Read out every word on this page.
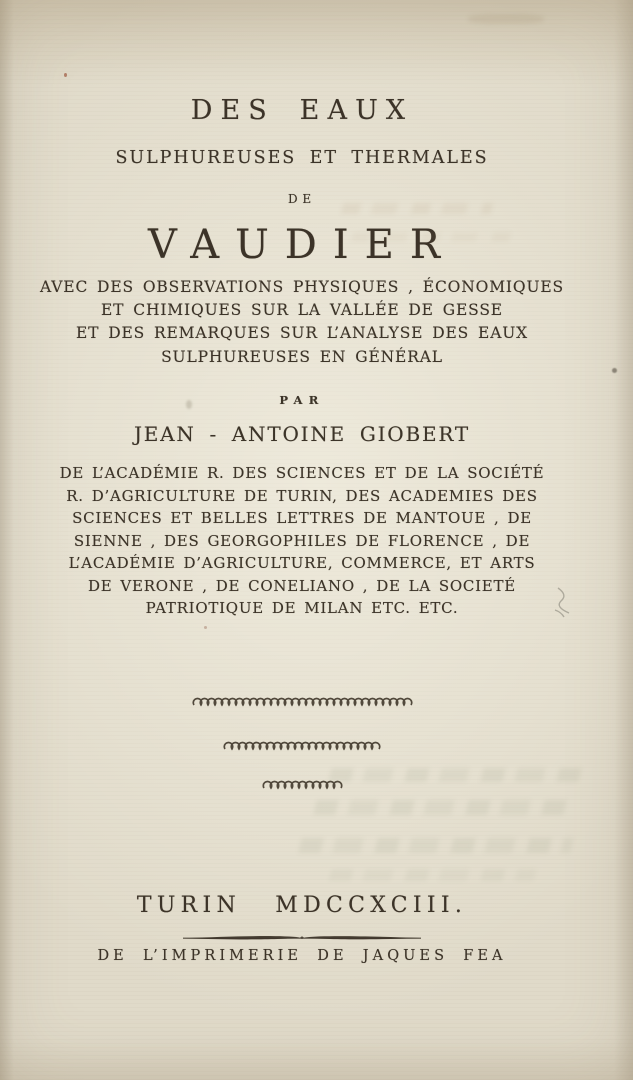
DES EAUX
SULPHUREUSES ET THERMALES
DE
VAUDIER
AVEC DES OBSERVATIONS PHYSIQUES , ÉCONOMIQUES
ET CHIMIQUES SUR LA VALLÉE DE GESSE
ET DES REMARQUES SUR L’ANALYSE DES EAUX
SULPHUREUSES EN GÉNÉRAL
PAR
JEAN - ANTOINE GIOBERT
DE L’ACADÉMIE R. DES SCIENCES ET DE LA SOCIÉTÉ
R. D’AGRICULTURE DE TURIN, DES ACADEMIES DES
SCIENCES ET BELLES LETTRES DE MANTOUE , DE
SIENNE , DES GEORGOPHILES DE FLORENCE , DE
L’ACADÉMIE D’AGRICULTURE, COMMERCE, ET ARTS
DE VERONE , DE CONELIANO , DE LA SOCIETÉ
PATRIOTIQUE DE MILAN ETC. ETC.
TURIN MDCCXCIII.
DE L’IMPRIMERIE DE JAQUES FEA
